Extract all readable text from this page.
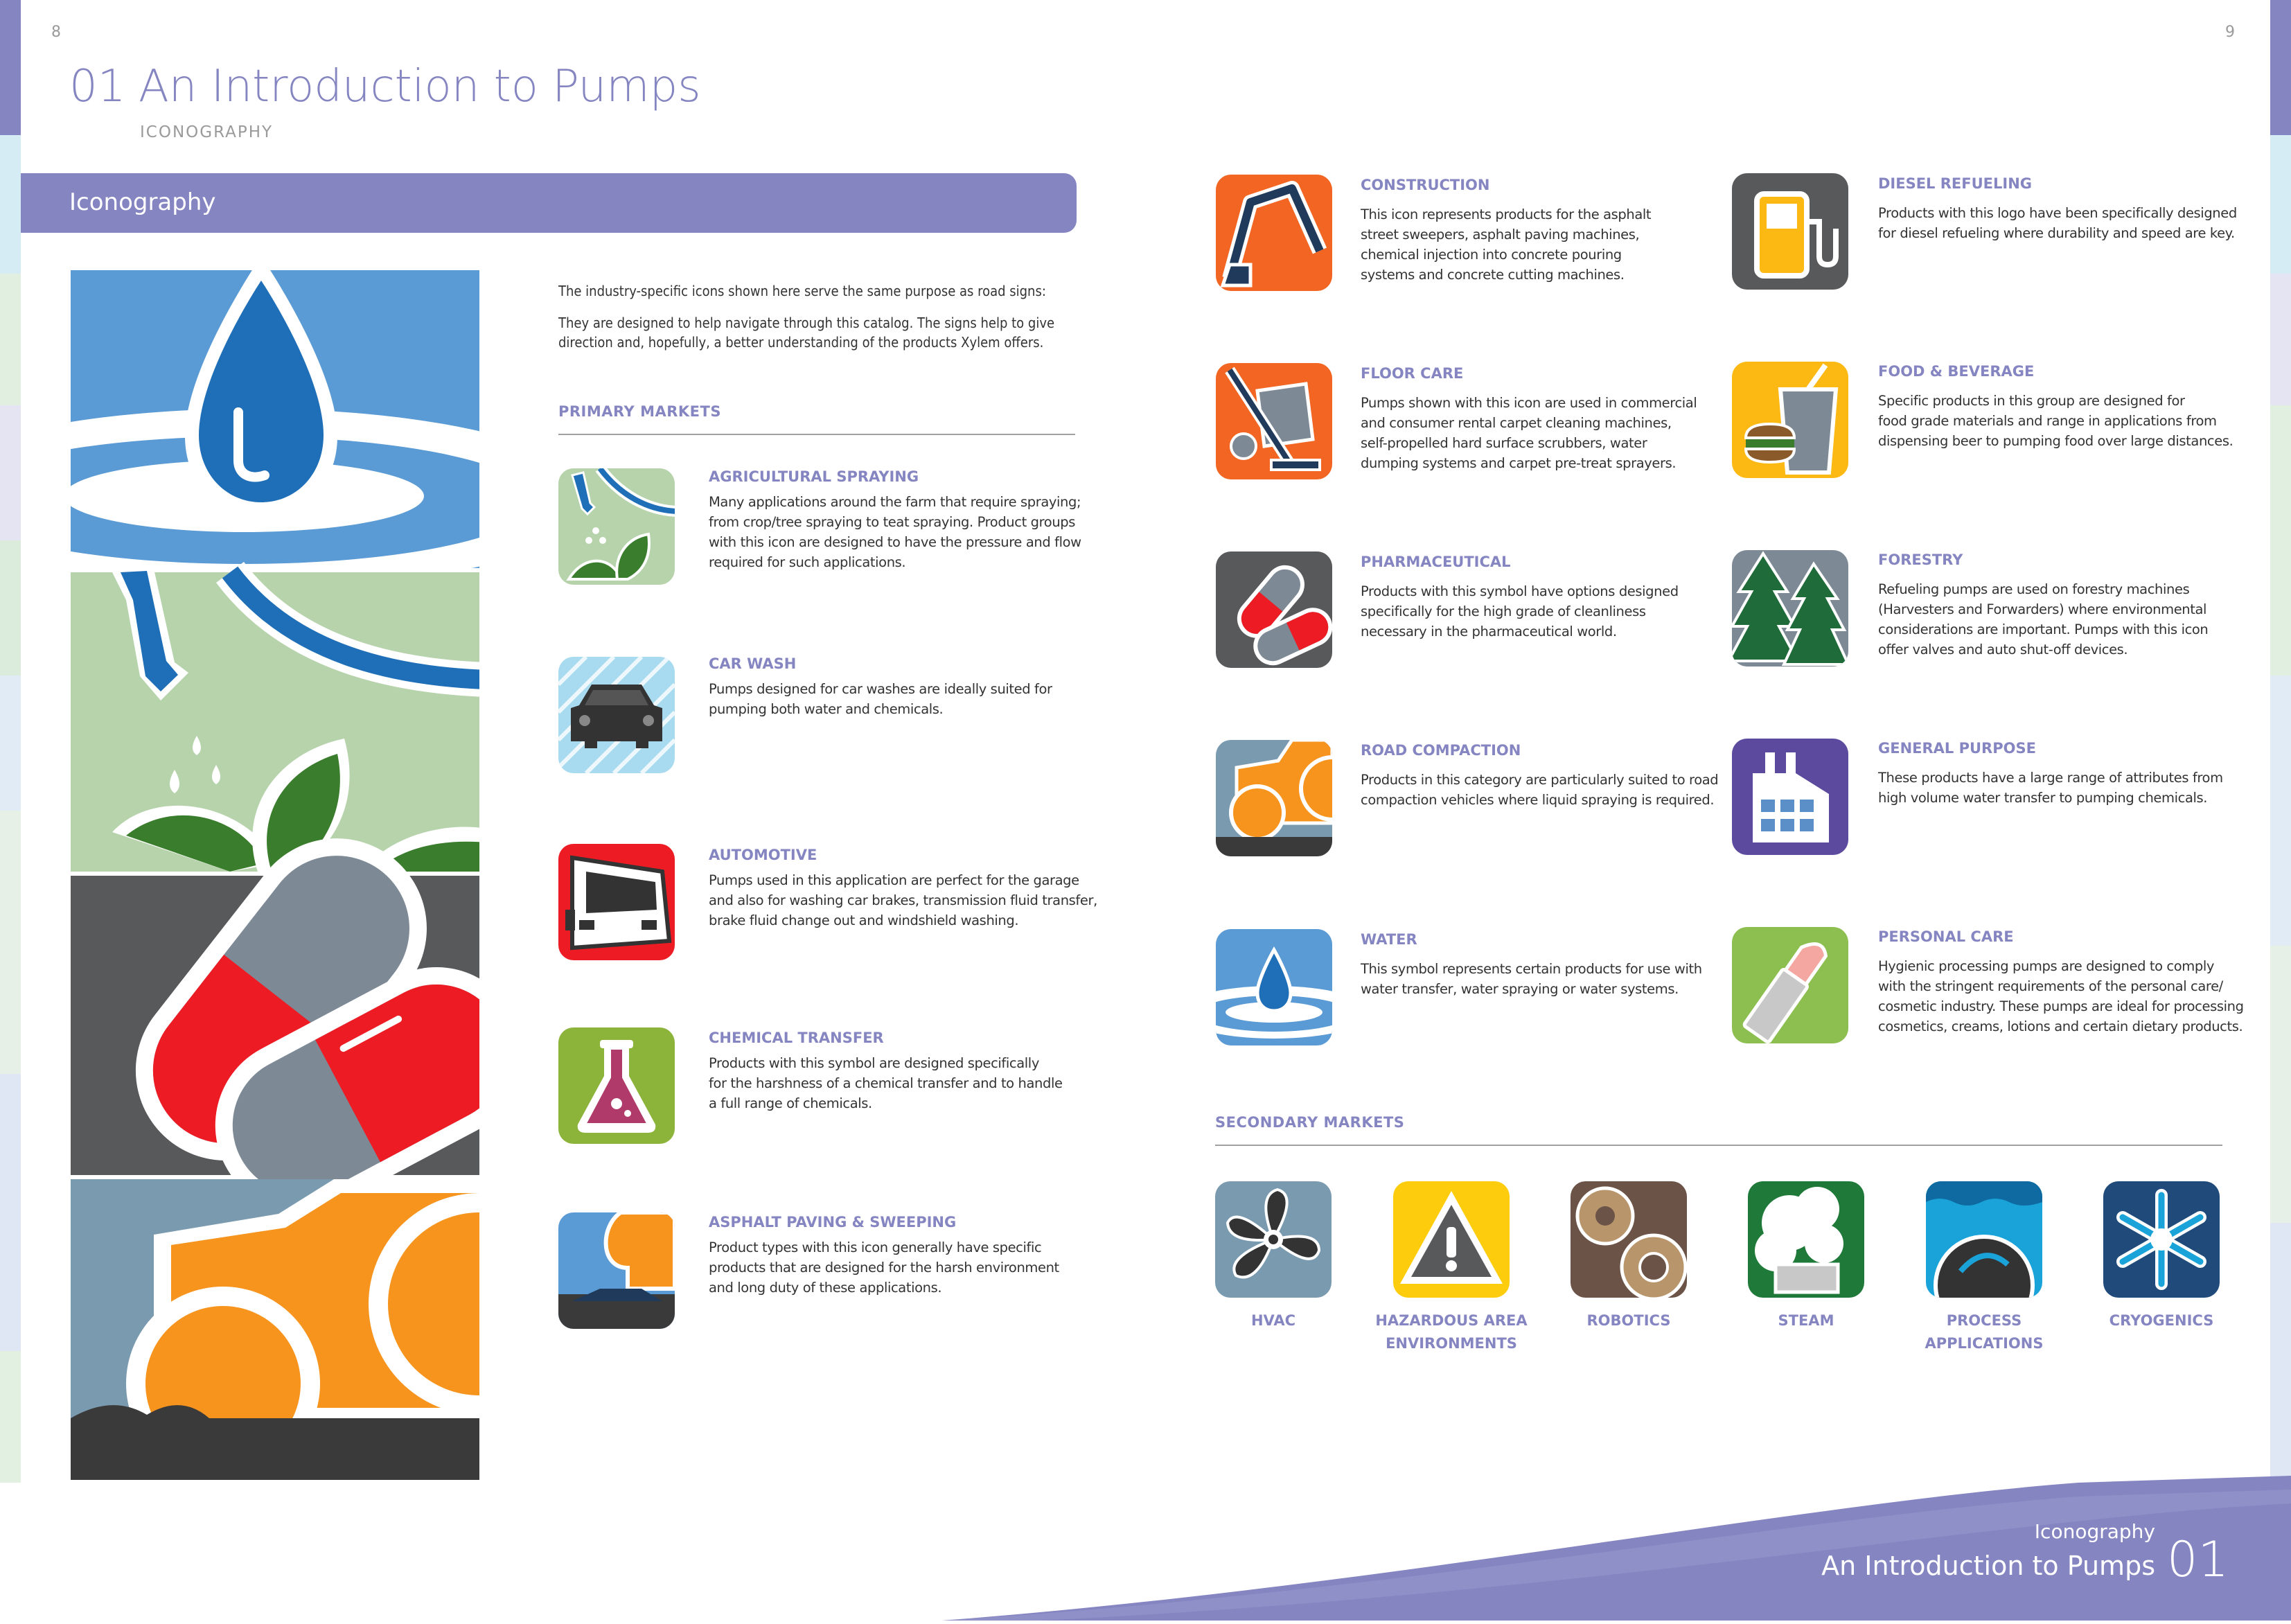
8	9
01 An Introduction to Pumps
ICONOGRAPHY
Iconography
The industry-specific icons shown here serve the same purpose as road signs:
They are designed to help navigate through this catalog. The signs help to give
direction and, hopefully, a better understanding of the products Xylem offers.
PRIMARY MARKETS
AGRICULTURAL SPRAYING
Many applications around the farm that require spraying;
from crop/tree spraying to teat spraying. Product groups
with this icon are designed to have the pressure and flow
required for such applications.
CAR WASH
Pumps designed for car washes are ideally suited for
pumping both water and chemicals.
AUTOMOTIVE
Pumps used in this application are perfect for the garage
and also for washing car brakes, transmission fluid transfer,
brake fluid change out and windshield washing.
CHEMICAL TRANSFER
Products with this symbol are designed specifically
for the harshness of a chemical transfer and to handle
a full range of chemicals.
ASPHALT PAVING & SWEEPING
Product types with this icon generally have specific
products that are designed for the harsh environment
and long duty of these applications.
CONSTRUCTION
This icon represents products for the asphalt
street sweepers, asphalt paving machines,
chemical injection into concrete pouring
systems and concrete cutting machines.
FLOOR CARE
Pumps shown with this icon are used in commercial
and consumer rental carpet cleaning machines,
self-propelled hard surface scrubbers, water
dumping systems and carpet pre-treat sprayers.
PHARMACEUTICAL
Products with this symbol have options designed
specifically for the high grade of cleanliness
necessary in the pharmaceutical world.
ROAD COMPACTION
Products in this category are particularly suited to road
compaction vehicles where liquid spraying is required.
WATER
This symbol represents certain products for use with
water transfer, water spraying or water systems.
DIESEL REFUELING
Products with this logo have been specifically designed
for diesel refueling where durability and speed are key.
FOOD & BEVERAGE
Specific products in this group are designed for
food grade materials and range in applications from
dispensing beer to pumping food over large distances.
FORESTRY
Refueling pumps are used on forestry machines
(Harvesters and Forwarders) where environmental
considerations are important. Pumps with this icon
offer valves and auto shut-off devices.
GENERAL PURPOSE
These products have a large range of attributes from
high volume water transfer to pumping chemicals.
PERSONAL CARE
Hygienic processing pumps are designed to comply
with the stringent requirements of the personal care/
cosmetic industry. These pumps are ideal for processing
cosmetics, creams, lotions and certain dietary products.
SECONDARY MARKETS
HVAC	HAZARDOUS AREA
ENVIRONMENTS
ROBOTICS	STEAM	PROCESS
APPLICATIONS
CRYOGENICS
Iconography
An Introduction to Pumps 01
